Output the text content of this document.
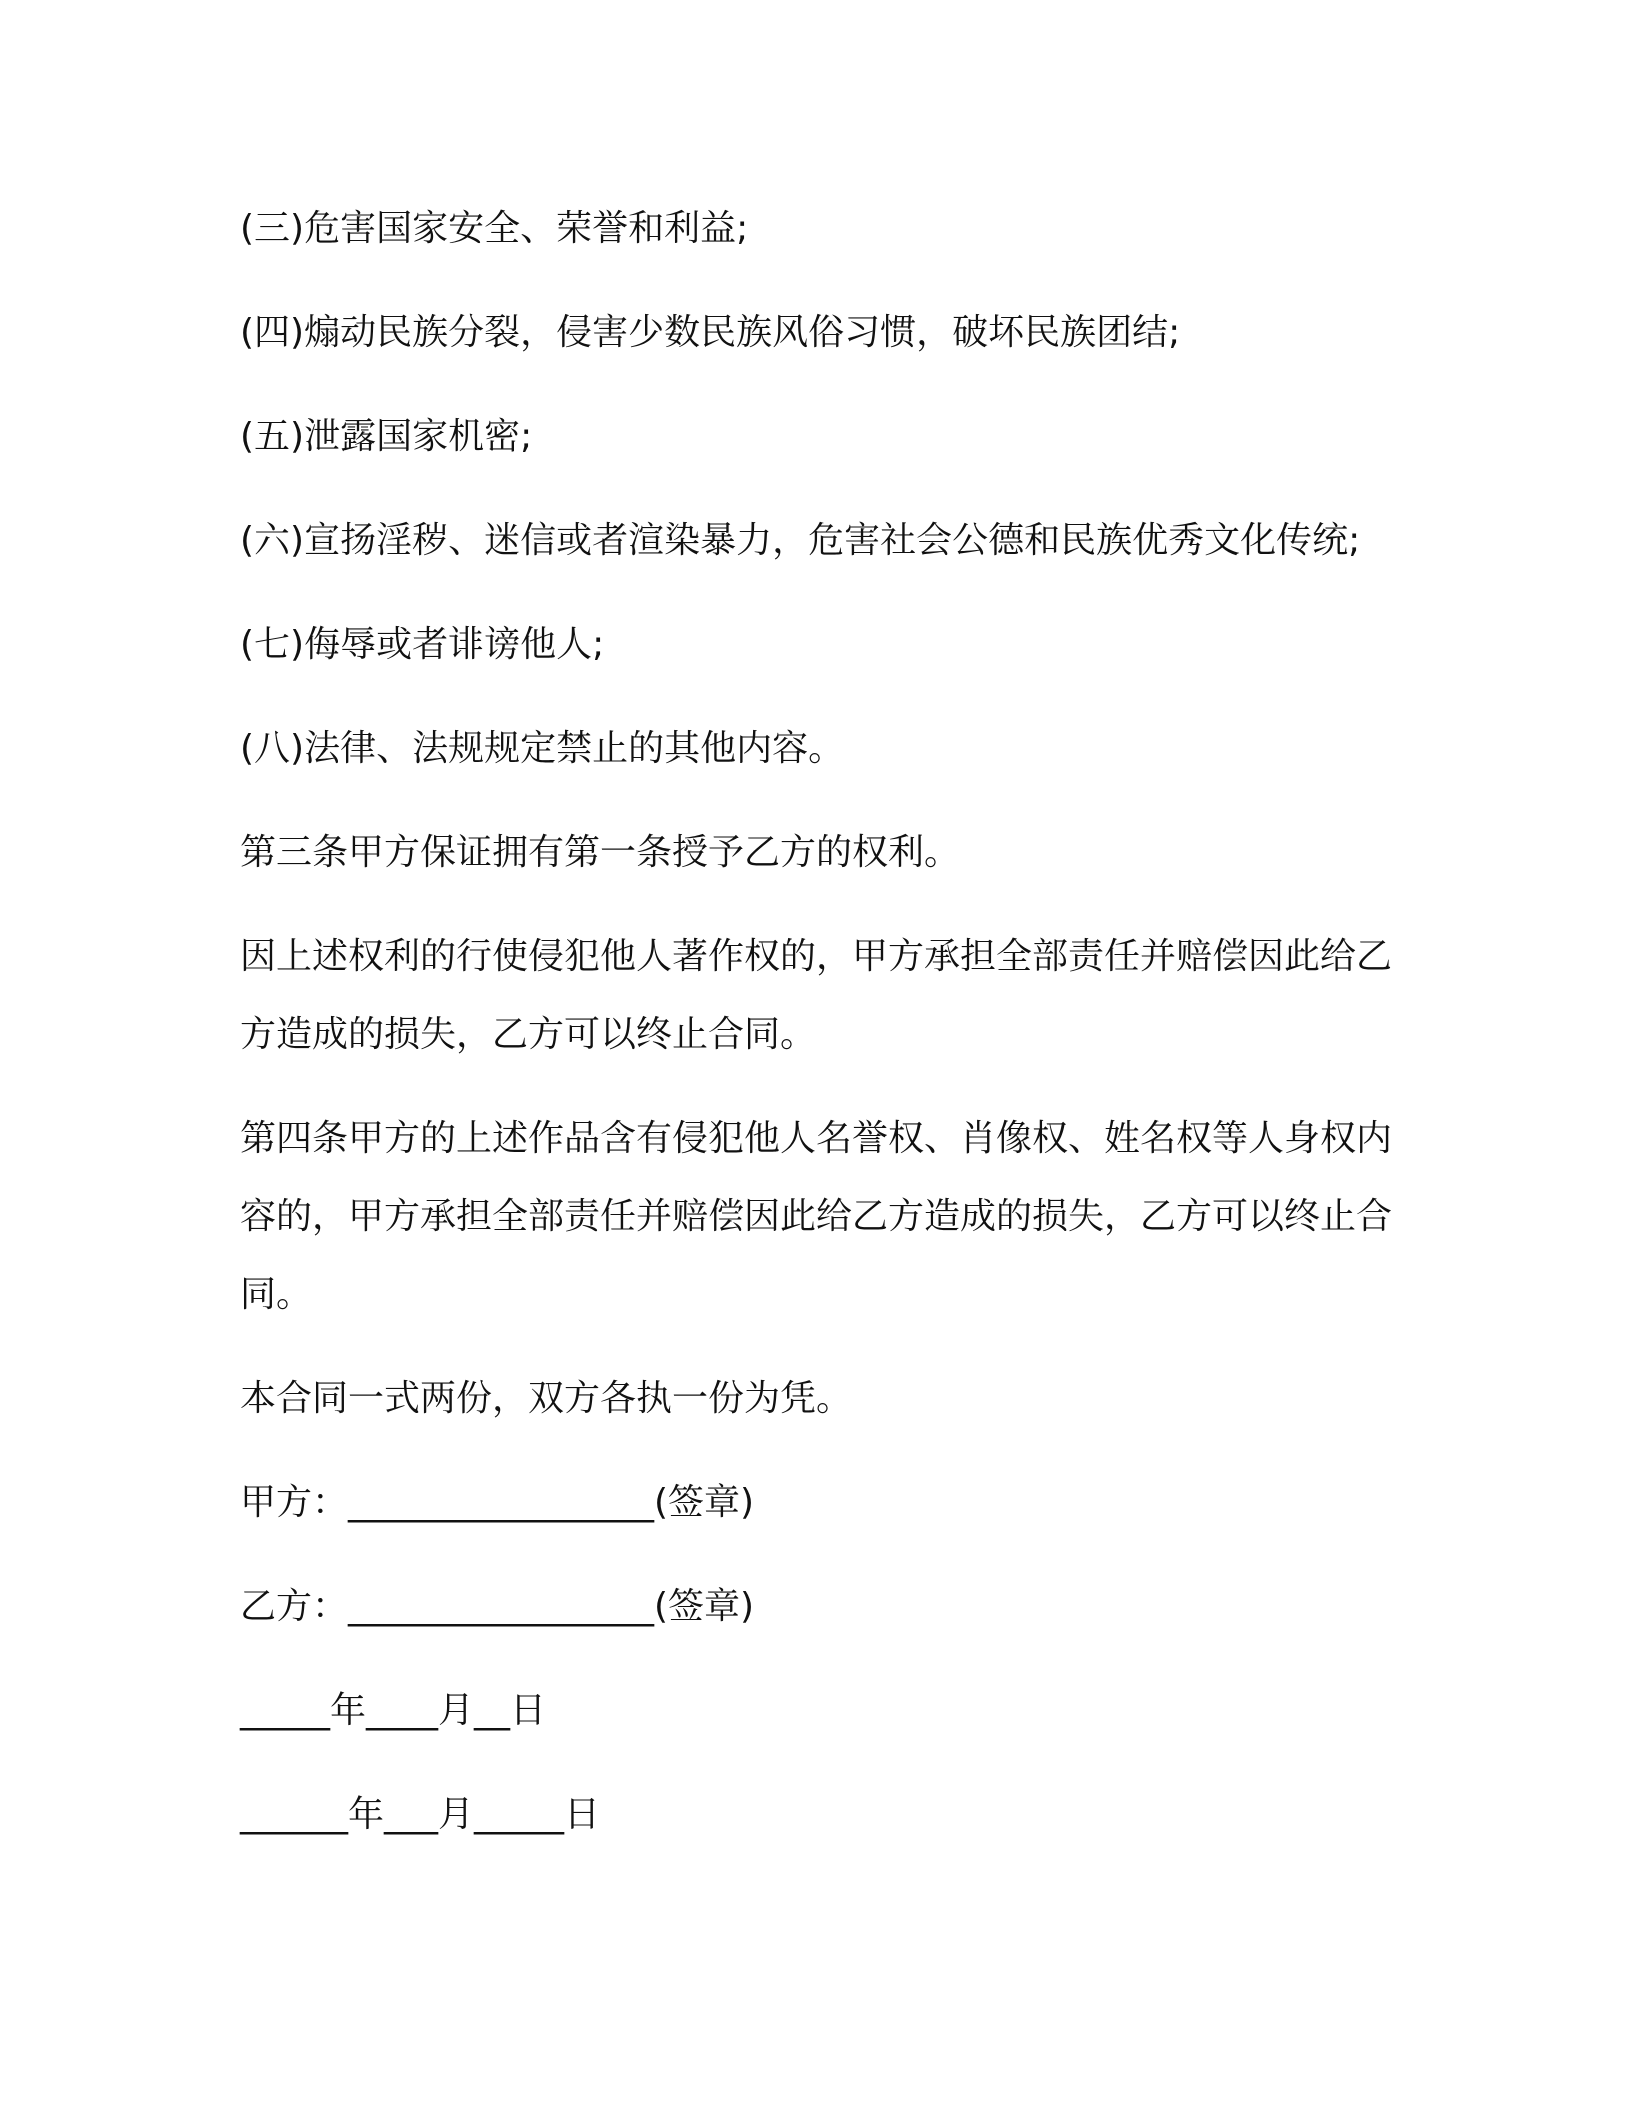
(三)危害国家安全、荣誉和利益;

(四)煽动民族分裂，侵害少数民族风俗习惯，破坏民族团结;

(五)泄露国家机密;

(六)宣扬淫秽、迷信或者渲染暴力，危害社会公德和民族优秀文化传统;

(七)侮辱或者诽谤他人;

(八)法律、法规规定禁止的其他内容。

第三条甲方保证拥有第一条授予乙方的权利。

因上述权利的行使侵犯他人著作权的，甲方承担全部责任并赔偿因此给乙方造成的损失，乙方可以终止合同。

第四条甲方的上述作品含有侵犯他人名誉权、肖像权、姓名权等人身权内容的，甲方承担全部责任并赔偿因此给乙方造成的损失，乙方可以终止合同。

本合同一式两份，双方各执一份为凭。

甲方：_________________(签章)

乙方：_________________(签章)

_____年____月__日

______年___月_____日
